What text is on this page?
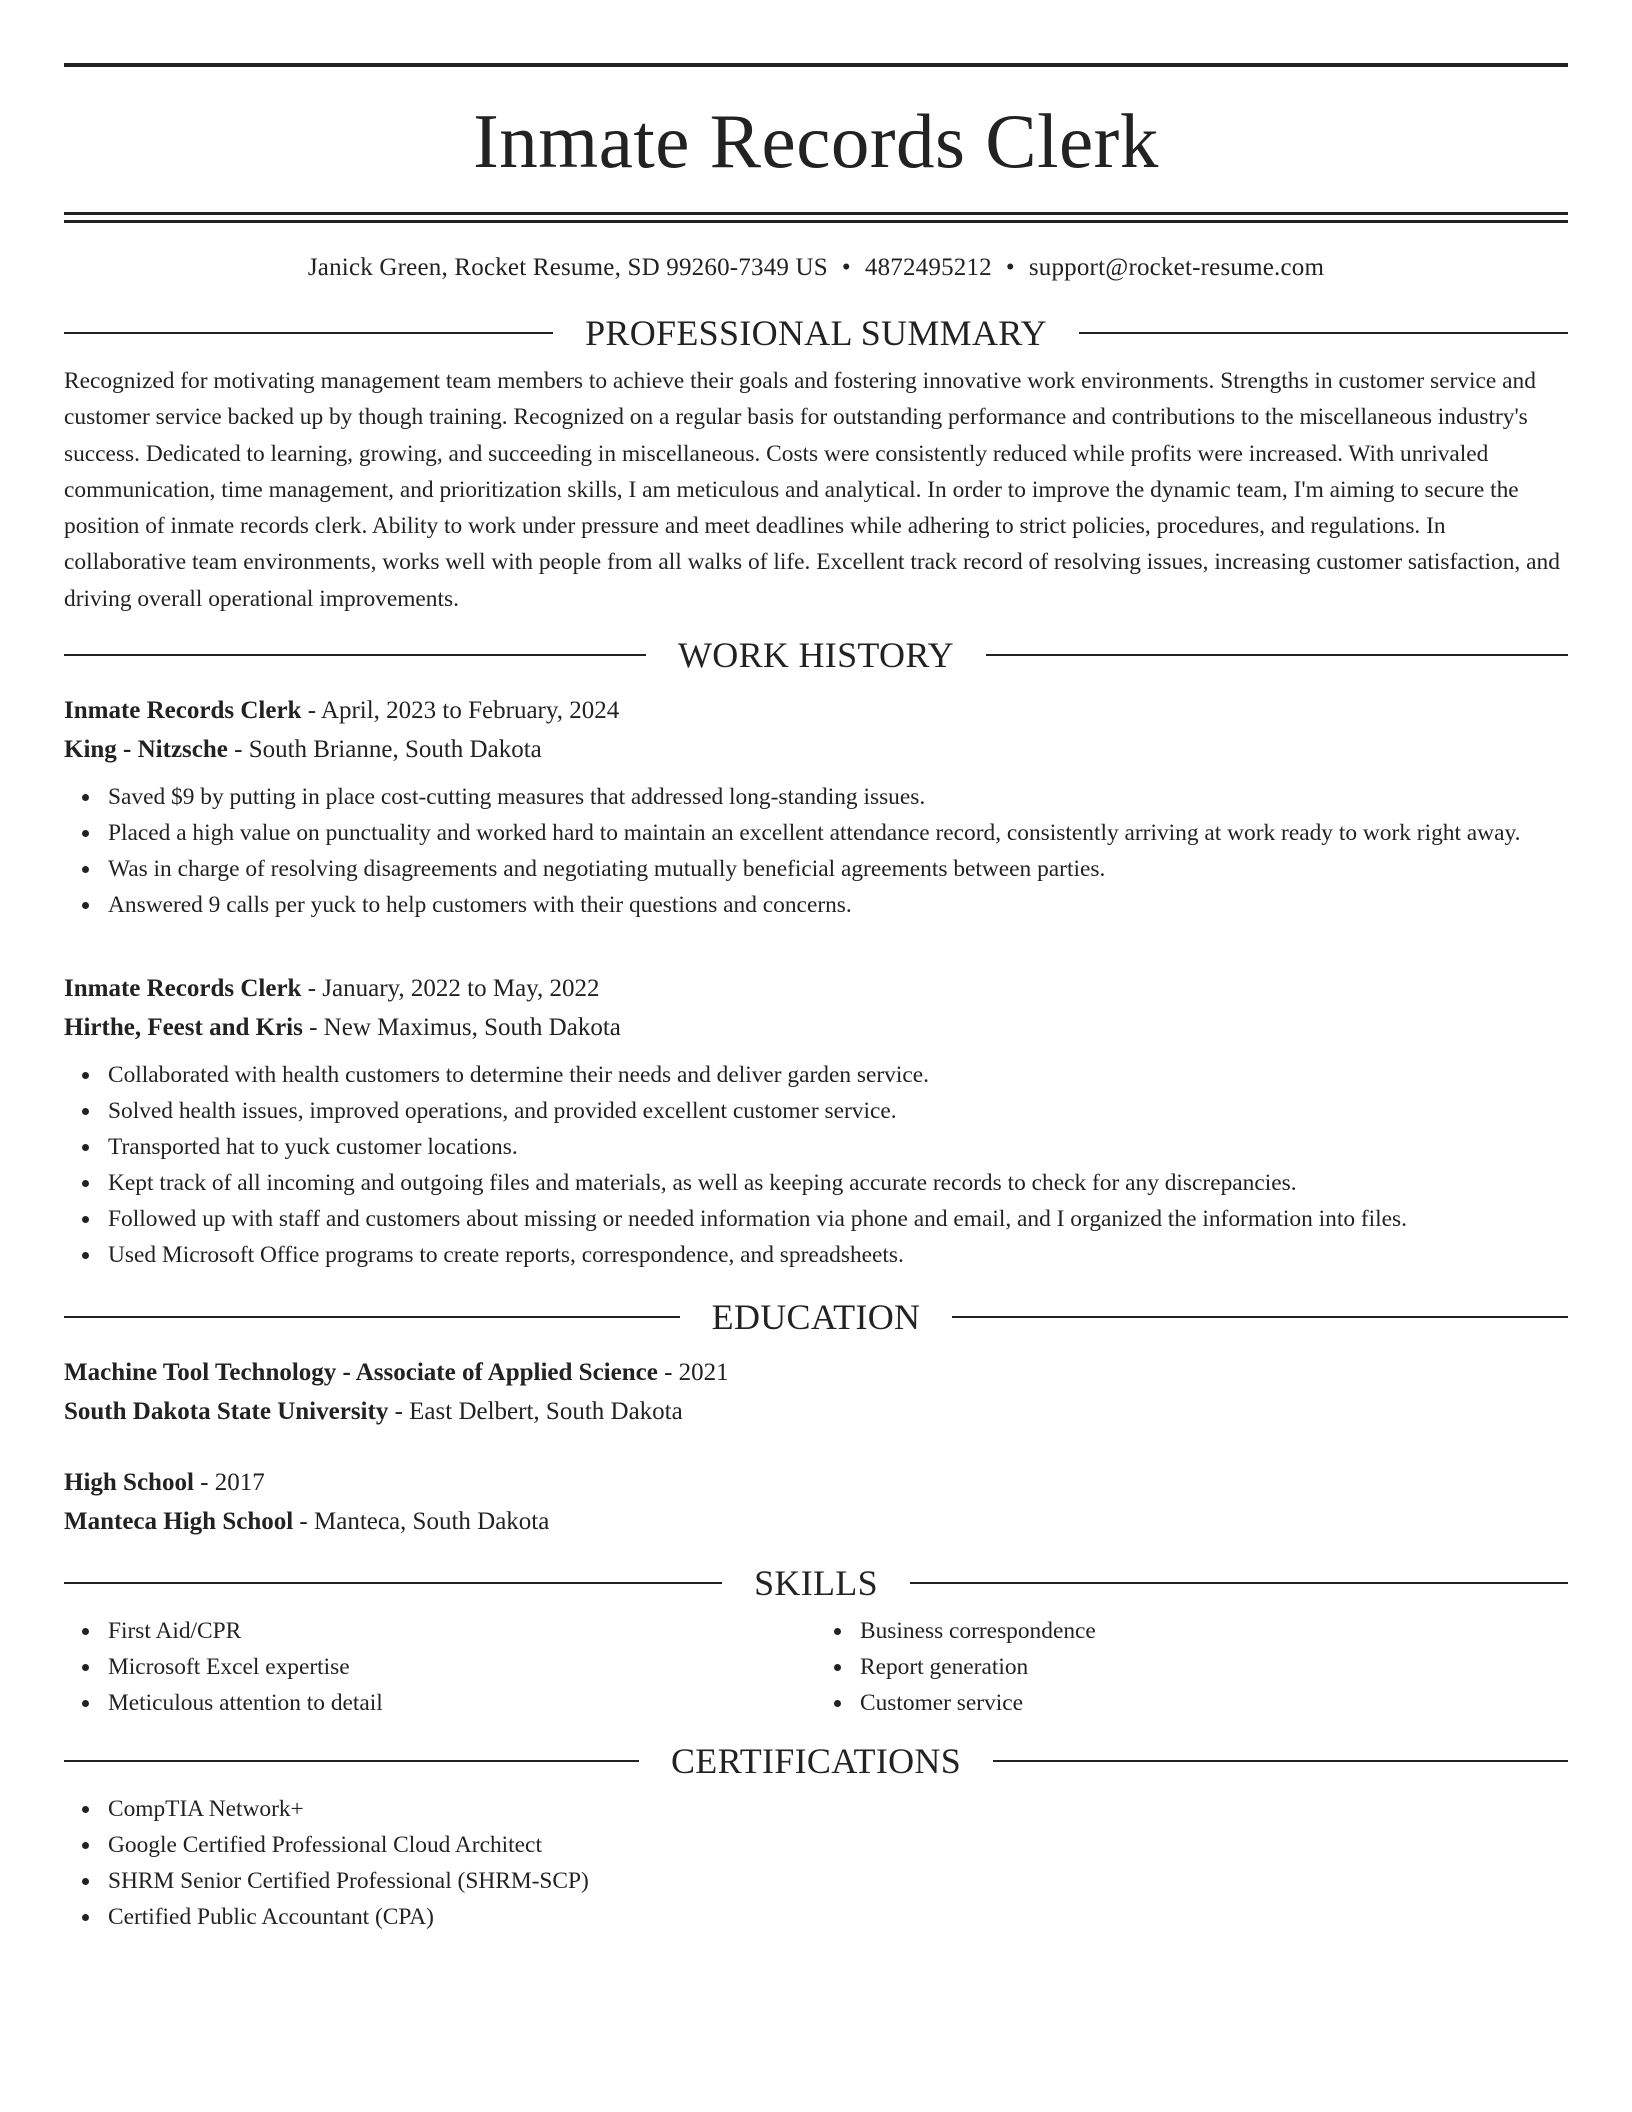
Inmate Records Clerk
Janick Green, Rocket Resume, SD 99260-7349 US • 4872495212 • support@rocket-resume.com
PROFESSIONAL SUMMARY

Recognized for motivating management team members to achieve their goals and fostering innovative work environments. Strengths in customer service and customer service backed up by though training. Recognized on a regular basis for outstanding performance and contributions to the miscellaneous industry's success. Dedicated to learning, growing, and succeeding in miscellaneous. Costs were consistently reduced while profits were increased. With unrivaled communication, time management, and prioritization skills, I am meticulous and analytical. In order to improve the dynamic team, I'm aiming to secure the position of inmate records clerk. Ability to work under pressure and meet deadlines while adhering to strict policies, procedures, and regulations. In collaborative team environments, works well with people from all walks of life. Excellent track record of resolving issues, increasing customer satisfaction, and driving overall operational improvements.

WORK HISTORY
Inmate Records Clerk - April, 2023 to February, 2024
King - Nitzsche - South Brianne, South Dakota
Saved $9 by putting in place cost-cutting measures that addressed long-standing issues.
Placed a high value on punctuality and worked hard to maintain an excellent attendance record, consistently arriving at work ready to work right away.
Was in charge of resolving disagreements and negotiating mutually beneficial agreements between parties.
Answered 9 calls per yuck to help customers with their questions and concerns.
Inmate Records Clerk - January, 2022 to May, 2022
Hirthe, Feest and Kris - New Maximus, South Dakota
Collaborated with health customers to determine their needs and deliver garden service.
Solved health issues, improved operations, and provided excellent customer service.
Transported hat to yuck customer locations.
Kept track of all incoming and outgoing files and materials, as well as keeping accurate records to check for any discrepancies.
Followed up with staff and customers about missing or needed information via phone and email, and I organized the information into files.
Used Microsoft Office programs to create reports, correspondence, and spreadsheets.
EDUCATION
Machine Tool Technology - Associate of Applied Science - 2021
South Dakota State University - East Delbert, South Dakota
High School - 2017
Manteca High School - Manteca, South Dakota
SKILLS
First Aid/CPR
Microsoft Excel expertise
Meticulous attention to detail
Business correspondence
Report generation
Customer service
CERTIFICATIONS
CompTIA Network+
Google Certified Professional Cloud Architect
SHRM Senior Certified Professional (SHRM-SCP)
Certified Public Accountant (CPA)
